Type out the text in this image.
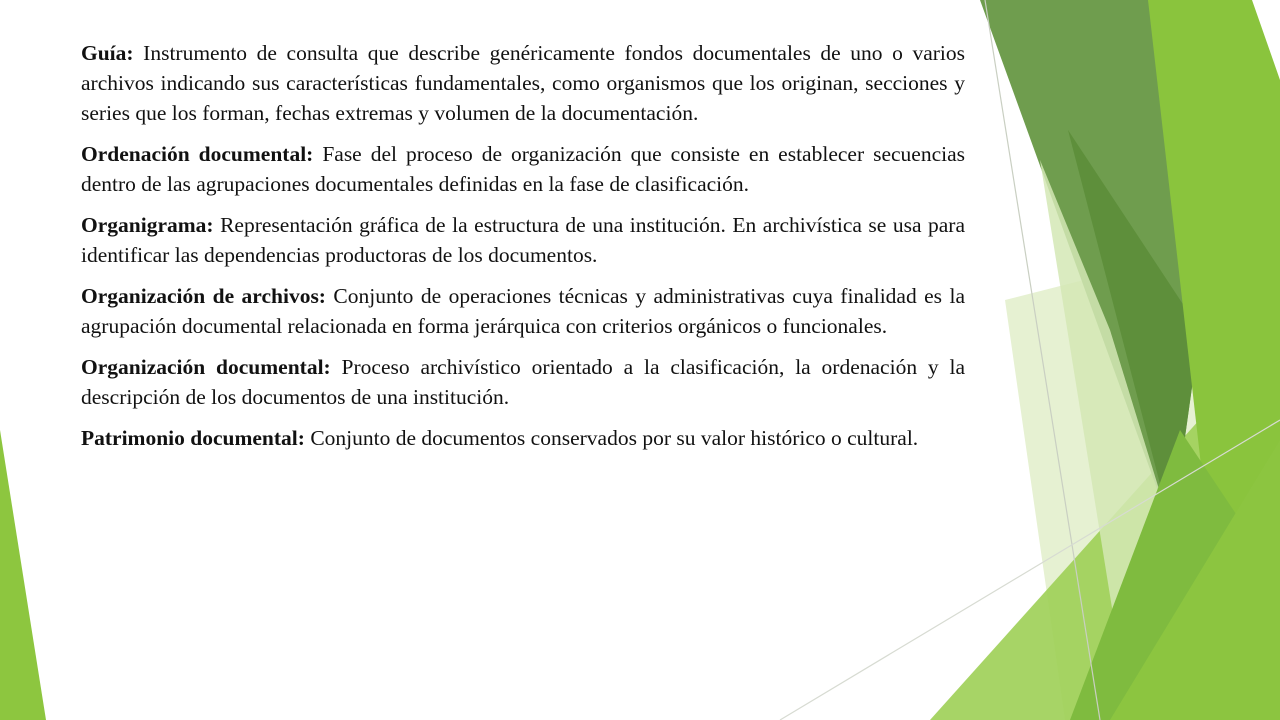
Guía: Instrumento de consulta que describe genéricamente fondos documentales de uno o varios archivos indicando sus características fundamentales, como organismos que los originan, secciones y series que los forman, fechas extremas y volumen de la documentación.

Ordenación documental: Fase del proceso de organización que consiste en establecer secuencias dentro de las agrupaciones documentales definidas en la fase de clasificación.

Organigrama: Representación gráfica de la estructura de una institución. En archivística se usa para identificar las dependencias productoras de los documentos.

Organización de archivos: Conjunto de operaciones técnicas y administrativas cuya finalidad es la agrupación documental relacionada en forma jerárquica con criterios orgánicos o funcionales.

Organización documental: Proceso archivístico orientado a la clasificación, la ordenación y la descripción de los documentos de una institución.

Patrimonio documental: Conjunto de documentos conservados por su valor histórico o cultural.
